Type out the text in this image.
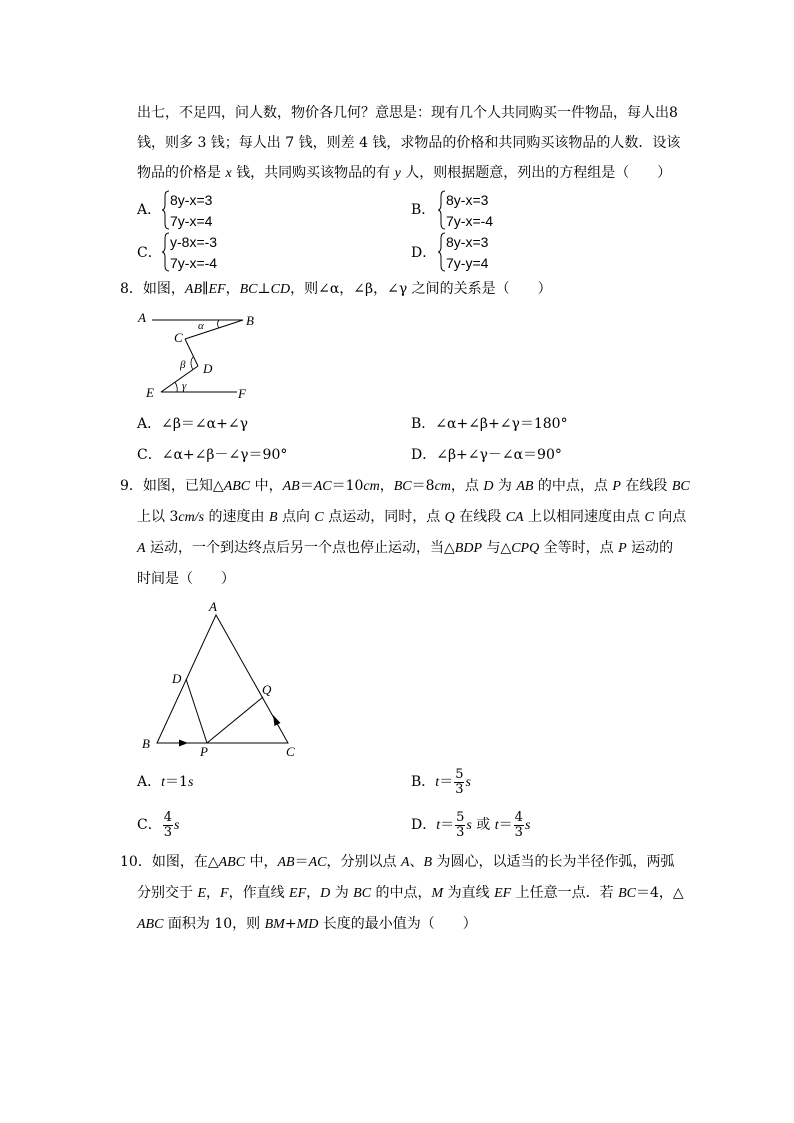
出七，不足四，问人数，物价各几何？意思是：现有几个人共同购买一件物品，每人出8
钱，则多 3 钱；每人出 7 钱，则差 4 钱，求物品的价格和共同购买该物品的人数．设该
物品的价格是 x 钱，共同购买该物品的有 y 人，则根据题意，列出的方程组是（　　）
A．
8y-x=3
7y-x=4
B．
8y-x=3
7y-x=-4
C．
y-8x=-3
7y-x=-4
D．
8y-x=3
7y-y=4
8．如图，AB∥EF，BC⊥CD，则∠α，∠β，∠γ 之间的关系是（　　）
A	B
C
D
E	F
α
β
γ
A．∠β＝∠α+∠γ	B．∠α+∠β+∠γ＝180°
C．∠α+∠β－∠γ＝90°	D．∠β+∠γ－∠α＝90°
9．如图，已知△ABC 中，AB＝AC＝10cm，BC＝8cm，点 D 为 AB 的中点，点 P 在线段 BC
上以 3cm/s 的速度由 B 点向 C 点运动，同时，点 Q 在线段 CA 上以相同速度由点 C 向点
A 运动，一个到达终点后另一个点也停止运动，当△BDP 与△CPQ 全等时，点 P 运动的
时间是（　　）
A
B
C
D
P
Q
A．t＝1s	B．$t= \frac{5}{3}$ s
C． $\frac{4}{3}$ s	D．$t= \frac{5}{3}$ s 或 $t= \frac{4}{3}$ s
10．如图，在△ABC 中，AB＝AC，分别以点 A、B 为圆心，以适当的长为半径作弧，两弧
分别交于 E，F，作直线 EF，D 为 BC 的中点，M 为直线 EF 上任意一点．若 BC＝4，△
ABC 面积为 10，则 BM+MD 长度的最小值为（　　）
